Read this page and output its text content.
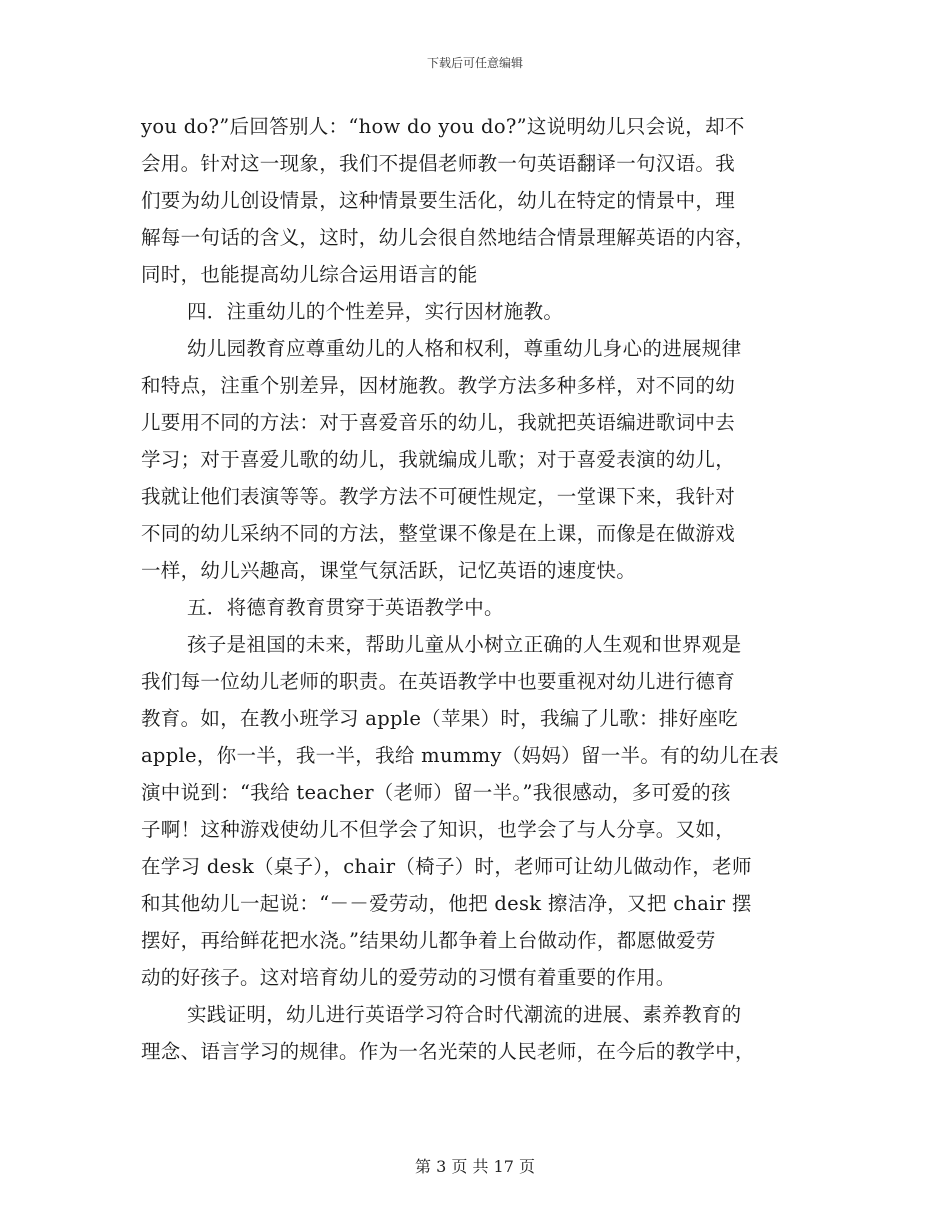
下载后可任意编辑
you do?”后回答别人：“how do you do?”这说明幼儿只会说，却不
会用。针对这一现象，我们不提倡老师教一句英语翻译一句汉语。我
们要为幼儿创设情景，这种情景要生活化，幼儿在特定的情景中，理
解每一句话的含义，这时，幼儿会很自然地结合情景理解英语的内容，
同时，也能提高幼儿综合运用语言的能
四．注重幼儿的个性差异，实行因材施教。
幼儿园教育应尊重幼儿的人格和权利，尊重幼儿身心的进展规律
和特点，注重个别差异，因材施教。教学方法多种多样，对不同的幼
儿要用不同的方法：对于喜爱音乐的幼儿，我就把英语编进歌词中去
学习；对于喜爱儿歌的幼儿，我就编成儿歌；对于喜爱表演的幼儿，
我就让他们表演等等。教学方法不可硬性规定，一堂课下来，我针对
不同的幼儿采纳不同的方法，整堂课不像是在上课，而像是在做游戏
一样，幼儿兴趣高，课堂气氛活跃，记忆英语的速度快。
五．将德育教育贯穿于英语教学中。
孩子是祖国的未来，帮助儿童从小树立正确的人生观和世界观是
我们每一位幼儿老师的职责。在英语教学中也要重视对幼儿进行德育
教育。如，在教小班学习 apple（苹果）时，我编了儿歌：排好座吃
apple，你一半，我一半，我给 mummy（妈妈）留一半。有的幼儿在表
演中说到：“我给 teacher（老师）留一半。”我很感动，多可爱的孩
子啊！这种游戏使幼儿不但学会了知识，也学会了与人分享。又如，
在学习 desk（桌子），chair（椅子）时，老师可让幼儿做动作，老师
和其他幼儿一起说：“－－爱劳动，他把 desk 擦洁净，又把 chair 摆
摆好，再给鲜花把水浇。”结果幼儿都争着上台做动作，都愿做爱劳
动的好孩子。这对培育幼儿的爱劳动的习惯有着重要的作用。
实践证明，幼儿进行英语学习符合时代潮流的进展、素养教育的
理念、语言学习的规律。作为一名光荣的人民老师，在今后的教学中，
第 3 页 共 17 页
